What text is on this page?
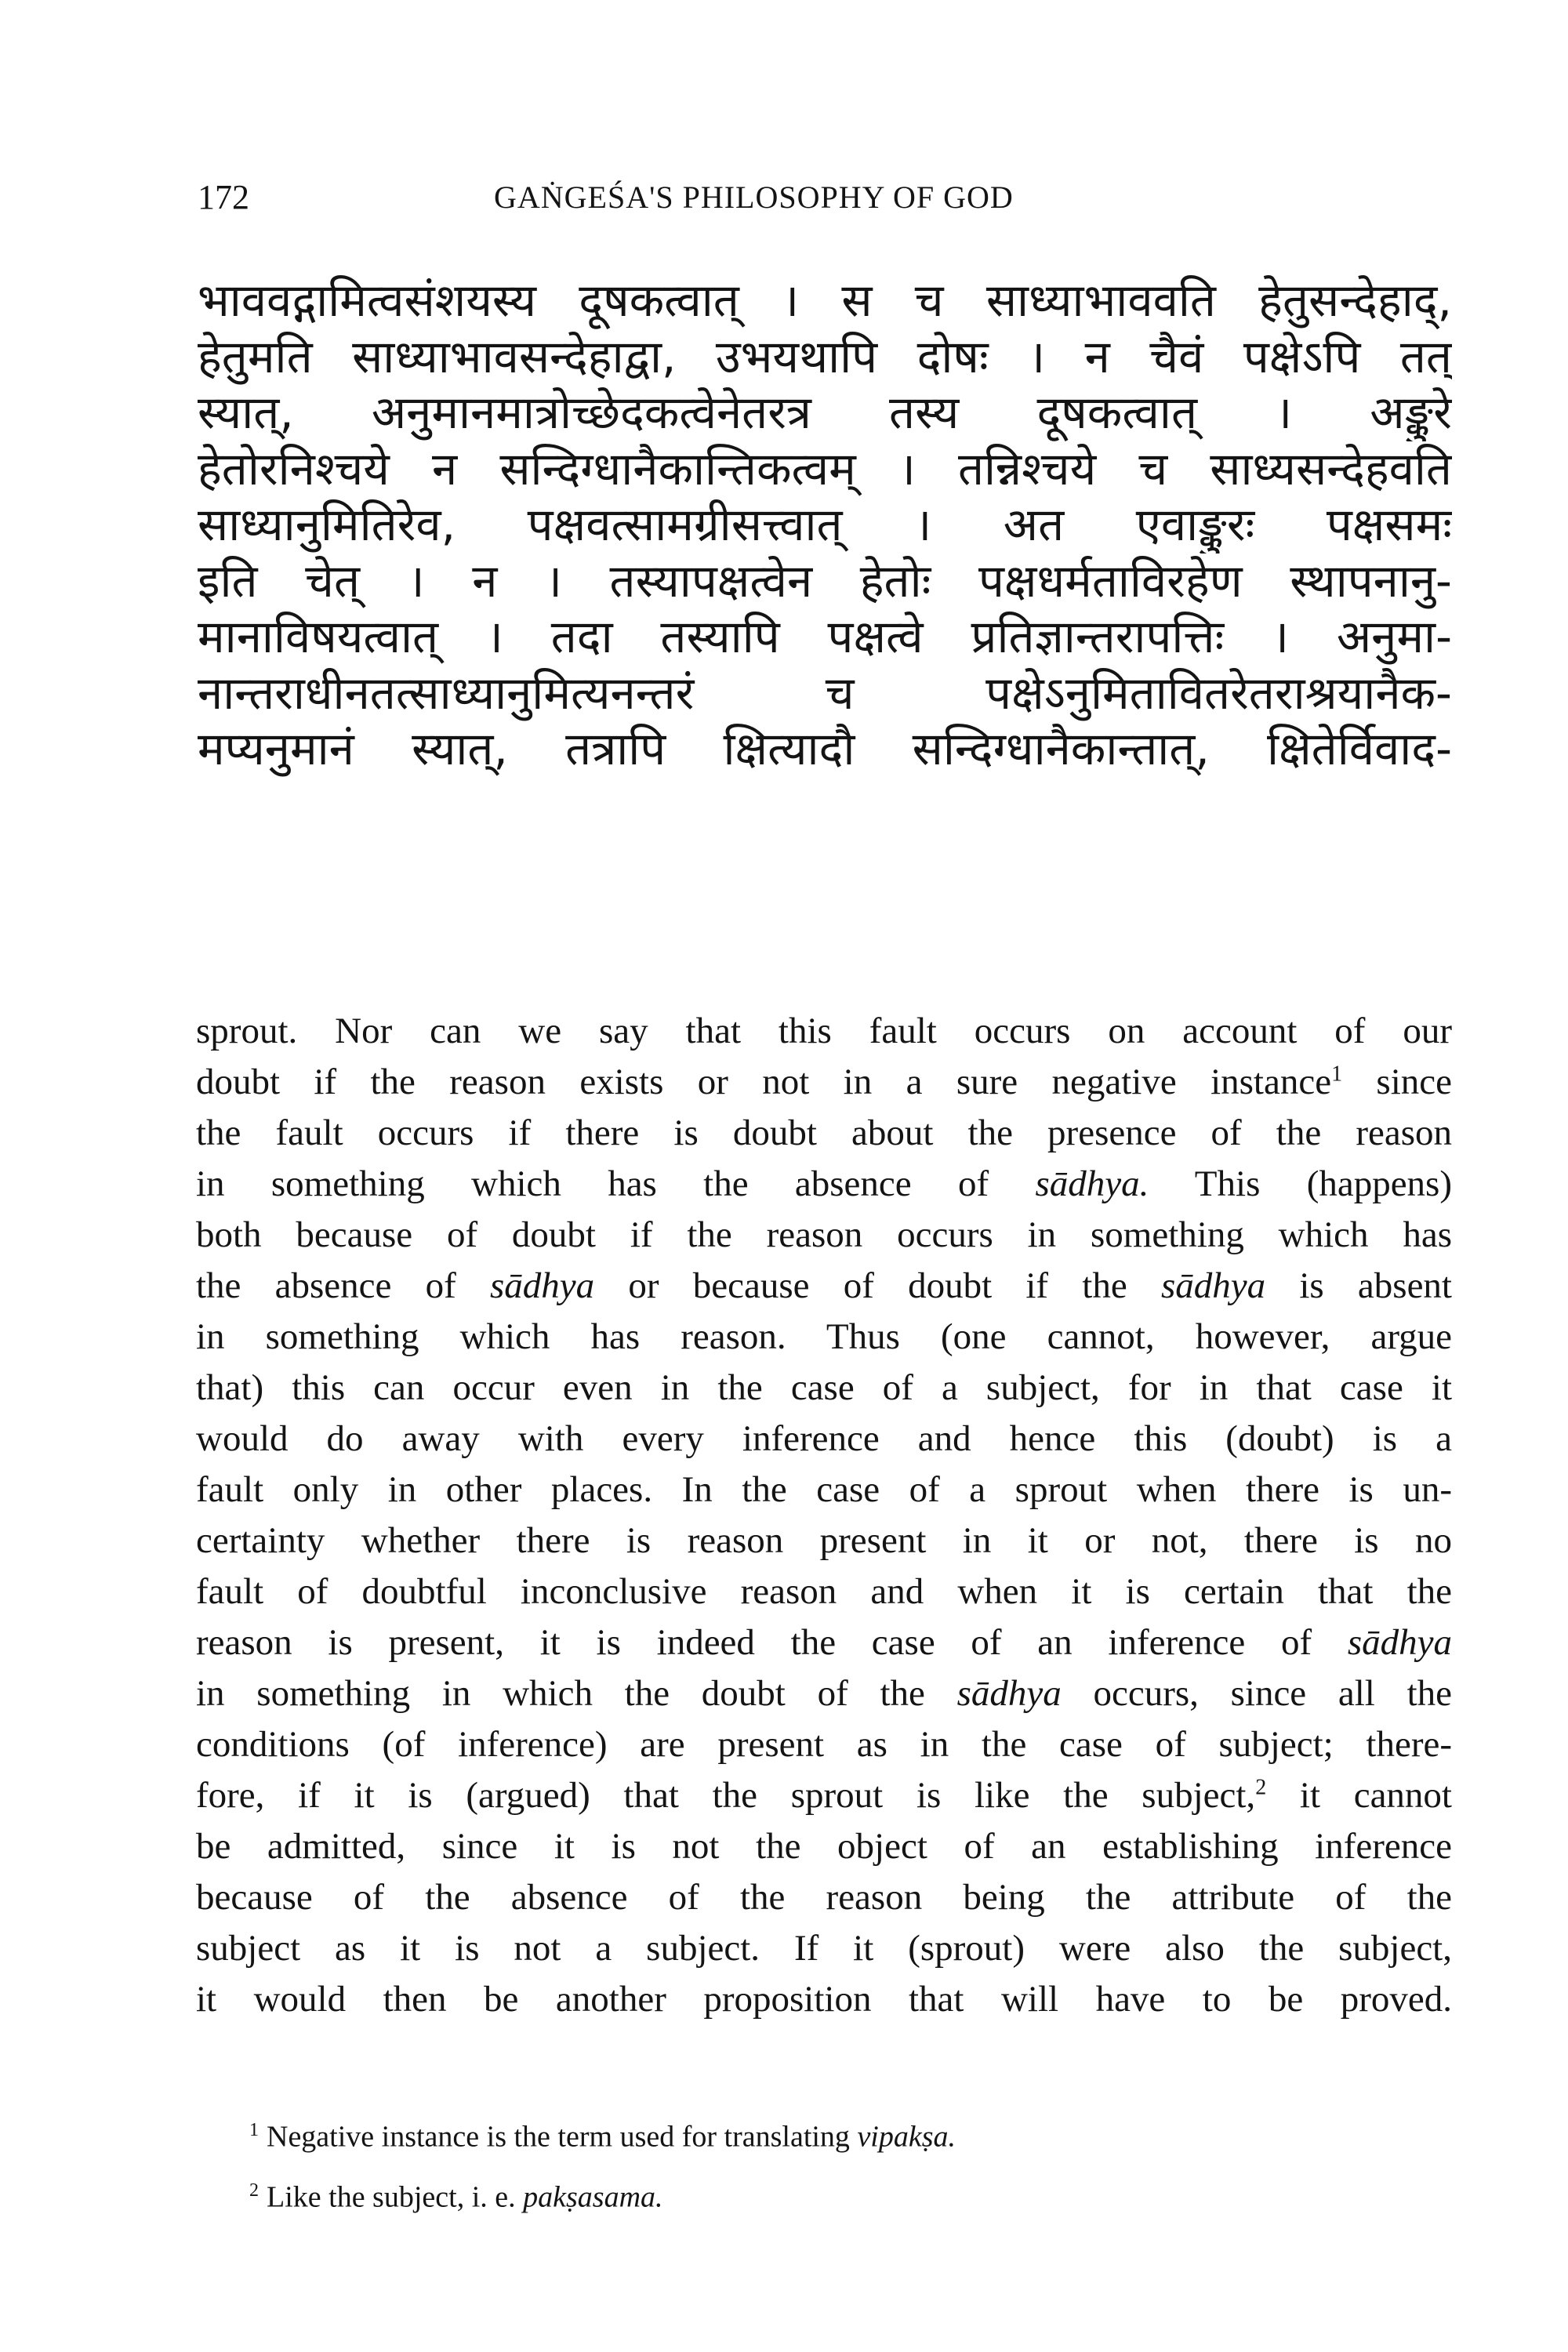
172	GAṄGEŚA'S PHILOSOPHY OF GOD
भाववद्गामित्वसंशयस्य दूषकत्वात् । स च साध्याभाववति हेतुसन्देहाद्,
हेतुमति साध्याभावसन्देहाद्वा, उभयथापि दोषः । न चैवं पक्षेऽपि तत्
स्यात्, अनुमानमात्रोच्छेदकत्वेनेतरत्र तस्य दूषकत्वात् । अङ्कुरे
हेतोरनिश्चये न सन्दिग्धानैकान्तिकत्वम् । तन्निश्चये च साध्यसन्देहवति
साध्यानुमितिरेव, पक्षवत्सामग्रीसत्त्वात् । अत एवाङ्कुरः पक्षसमः
इति चेत् । न । तस्यापक्षत्वेन हेतोः पक्षधर्मताविरहेण स्थापनानु-
मानाविषयत्वात् । तदा तस्यापि पक्षत्वे प्रतिज्ञान्तरापत्तिः । अनुमा-
नान्तराधीनतत्साध्यानुमित्यनन्तरं च पक्षेऽनुमितावितरेतराश्रयानैक-
मप्यनुमानं स्यात्, तत्रापि क्षित्यादौ सन्दिग्धानैकान्तात्, क्षितेर्विवाद-
sprout. Nor can we say that this fault occurs on account of our
doubt if the reason exists or not in a sure negative instance$^1$ since
the fault occurs if there is doubt about the presence of the reason
in something which has the absence of sādhya. This (happens)
both because of doubt if the reason occurs in something which has
the absence of sādhya or because of doubt if the sādhya is absent
in something which has reason. Thus (one cannot, however, argue
that) this can occur even in the case of a subject, for in that case it
would do away with every inference and hence this (doubt) is a
fault only in other places. In the case of a sprout when there is un-
certainty whether there is reason present in it or not, there is no
fault of doubtful inconclusive reason and when it is certain that the
reason is present, it is indeed the case of an inference of sādhya
in something in which the doubt of the sādhya occurs, since all the
conditions (of inference) are present as in the case of subject; there-
fore, if it is (argued) that the sprout is like the subject,$^2$ it cannot
be admitted, since it is not the object of an establishing inference
because of the absence of the reason being the attribute of the
subject as it is not a subject. If it (sprout) were also the subject,
it would then be another proposition that will have to be proved.
$^1$ Negative instance is the term used for translating vipakṣa.
$^2$ Like the subject, i. e. pakṣasama.
